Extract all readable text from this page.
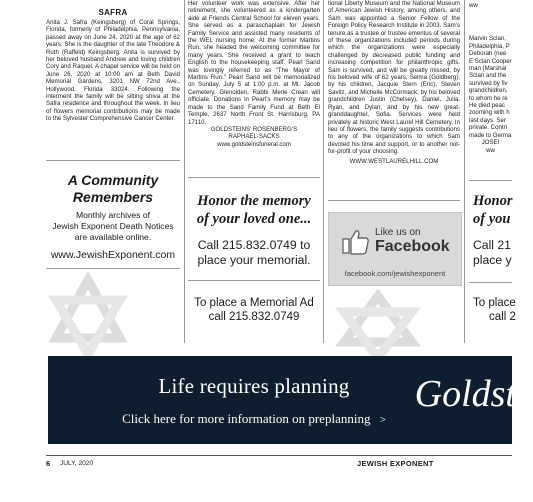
SAFRA

Anita J. Safra (Keingsberg) of Coral Springs, Florida, formerly of Philadelphia, Pennsylvania, passed away on June 24, 2020 at the age of 62 years. She is the daughter of the late Theodore & Ruth (Raffeld) Keingsberg. Anita is survived by her beloved husband Andrew and loving children Cory and Raquel. A chapel service will be held on June 26, 2020 at 10:00 am at Beth David Memorial Gardens, 3201 NW 72nd Ave., Hollywood, Florida 33024. Following the interment the family will be sitting shiva at the Safra residence and throughout the week. In lieu of flowers memorial contributions may be made to the Sylvester Comprehensive Cancer Center.

A Community

Remembers

Monthly archives of
Jewish Exponent Death Notices
are available online.

www.JewishExponent.com

Her volunteer work was extensive. After her retirement, she volunteered as a kindergarten aide at Friends Central School for eleven years. She served as a paraschaplain for Jewish Family Service and assisted many residents of the WEL nursing home. At the former Martins Run, she headed the welcoming committee for many years. She received a grant to teach English to the housekeeping staff. Pearl Sand was lovingly referred to as “The Mayor of Martins Run.” Pearl Sand will be memorialized on Sunday, July 5 at 1:00 p.m. at Mt. Jacob Cemetery, Glenolden. Rabbi Merle Crean will officiate. Donations in Pearl’s memory may be made to the Sand Family Fund at Beth El Temple, 2637 North Front St. Harrisburg, PA 17110.

GOLDSTEINS’ ROSENBERG’S

RAPHAEL-SACKS

www.goldsteinsfuneral.com

Honor the memory

of your loved one...

Call 215.832.0749 to
place your memorial.

To place a Memorial Ad

call 215.832.0749

tional Liberty Museum and the National Museum of American Jewish History, among others, and Sam was appointed a Senior Fellow of the Foreign Policy Research Institute in 2003. Sam’s tenure as a trustee or trustee emeritus of several of these organizations included periods during which the organizations were especially challenged by decreased public funding and increasing competition for philanthropic gifts. Sam is survived, and will be greatly missed, by his beloved wife of 62 years, Selma (Goldberg); by his children, Jacquie Stern (Eric), Steven Savitz, and Michelle McCormack; by his beloved grandchildren Justin (Chelsey), Daniel, Julia, Ryan, and Dylan; and by his new great-granddaughter, Sofia. Services were held privately at historic West Laurel Hill Cemetery. In lieu of flowers, the family suggests contributions to any of the organizations to which Sam devoted his time and support, or to another not-for-profit of your choosing.

WWW.WESTLAURELHILL.COM

Like us on
Facebook
facebook.com/jewishexponent

ww

Marvin Sclan, Philadelphia, P Deborah (nee E Sclan Cooper man (Marshal Sclan and the survived by fiv grandchildren, to whom he re He died peac zooming with h last days. Ser private. Contri made to Germa

JOSEI

ww

Honor

of you

Call 21
place y

To place

call 2

Life requires planning
Click here for more information on preplanning >
Goldst
6 JULY, 2020	JEWISH EXPONENT
